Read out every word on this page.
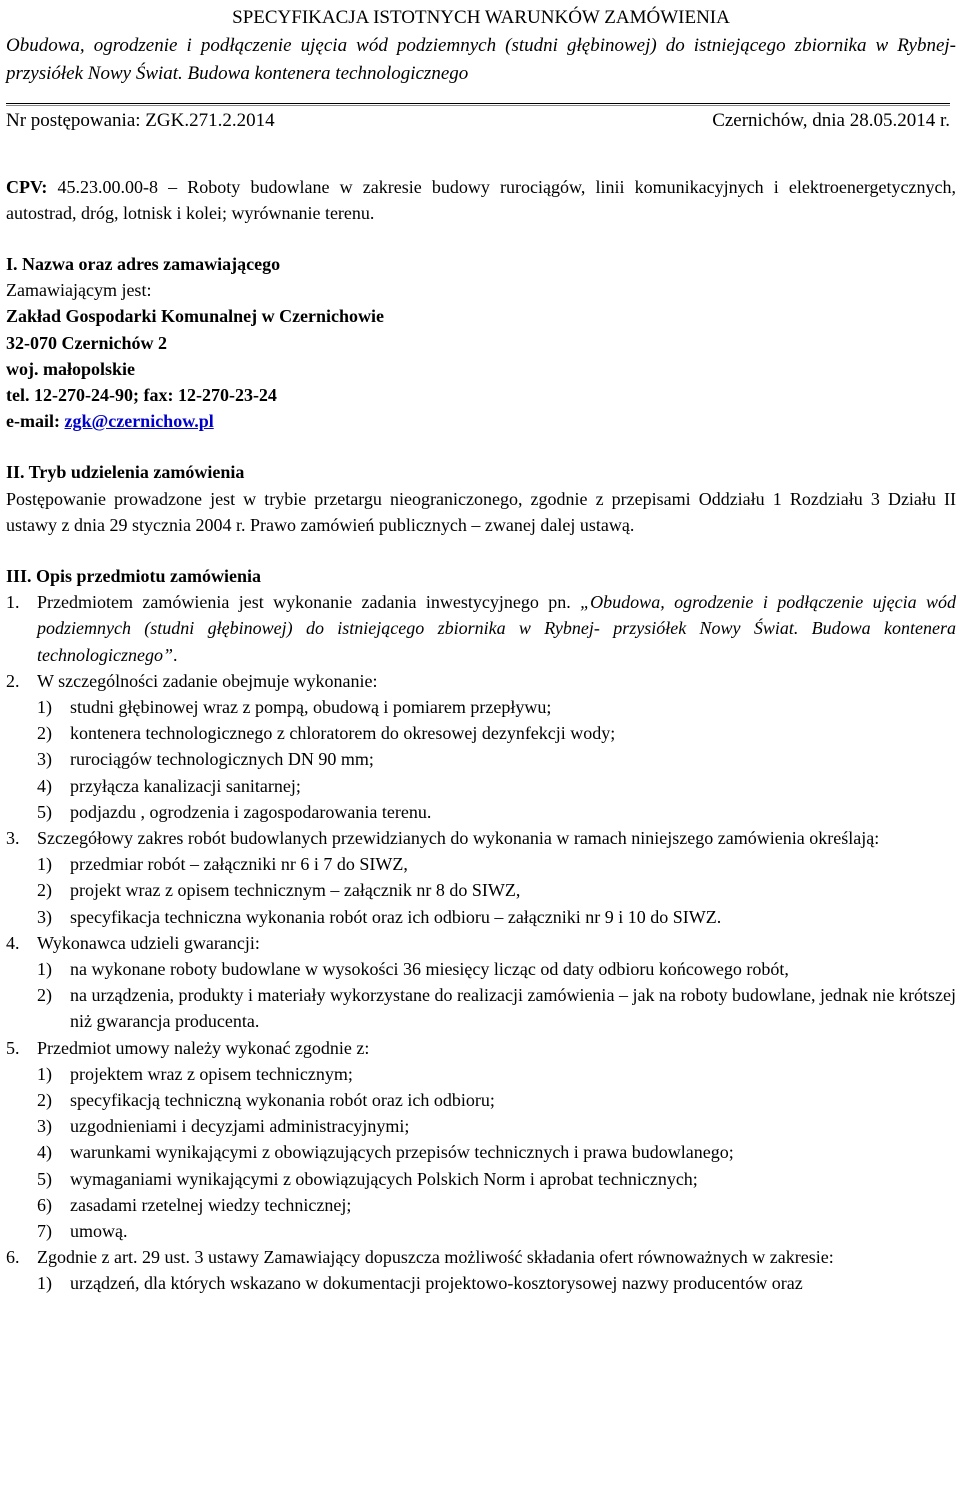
SPECYFIKACJA ISTOTNYCH WARUNKÓW ZAMÓWIENIA

Obudowa, ogrodzenie i podłączenie ujęcia wód podziemnych (studni głębinowej) do istniejącego zbiornika w Rybnej- przysiółek Nowy Świat. Budowa kontenera technologicznego

Nr postępowania: ZGK.271.2.2014	Czernichów, dnia 28.05.2014 r.

CPV: 45.23.00.00-8 – Roboty budowlane w zakresie budowy rurociągów, linii komunikacyjnych i elektroenergetycznych, autostrad, dróg, lotnisk i kolei; wyrównanie terenu.

I. Nazwa oraz adres zamawiającego

Zamawiającym jest:

Zakład Gospodarki Komunalnej w Czernichowie

32-070 Czernichów 2

woj. małopolskie

tel. 12-270-24-90; fax: 12-270-23-24

e-mail: zgk@czernichow.pl

II. Tryb udzielenia zamówienia

Postępowanie prowadzone jest w trybie przetargu nieograniczonego, zgodnie z przepisami Oddziału 1 Rozdziału 3 Działu II ustawy z dnia 29 stycznia 2004 r. Prawo zamówień publicznych – zwanej dalej ustawą.

III. Opis przedmiotu zamówienia

1. Przedmiotem zamówienia jest wykonanie zadania inwestycyjnego pn. „Obudowa, ogrodzenie i podłączenie ujęcia wód podziemnych (studni głębinowej) do istniejącego zbiornika w Rybnej- przysiółek Nowy Świat. Budowa kontenera technologicznego”.
2. W szczególności zadanie obejmuje wykonanie:
1)	studni głębinowej wraz z pompą, obudową i pomiarem przepływu;
2)	kontenera technologicznego z chloratorem do okresowej dezynfekcji wody;
3)	rurociągów technologicznych DN 90 mm;
4)	przyłącza kanalizacji sanitarnej;
5)	podjazdu , ogrodzenia i zagospodarowania terenu.
3. Szczegółowy zakres robót budowlanych przewidzianych do wykonania w ramach niniejszego zamówienia określają:
1)	przedmiar robót – załączniki nr 6 i 7 do SIWZ,
2)	projekt wraz z opisem technicznym – załącznik nr 8 do SIWZ,
3)	specyfikacja techniczna wykonania robót oraz ich odbioru – załączniki nr 9 i 10 do SIWZ.
4. Wykonawca udzieli gwarancji:
1)	na wykonane roboty budowlane w wysokości 36 miesięcy licząc od daty odbioru końcowego robót,
2)	na urządzenia, produkty i materiały wykorzystane do realizacji zamówienia – jak na roboty budowlane, jednak nie krótszej niż gwarancja producenta.
5. Przedmiot umowy należy wykonać zgodnie z:
1)	projektem wraz z opisem technicznym;
2)	specyfikacją techniczną wykonania robót oraz ich odbioru;
3)	uzgodnieniami i decyzjami administracyjnymi;
4)	warunkami wynikającymi z obowiązujących przepisów technicznych i prawa budowlanego;
5)	wymaganiami wynikającymi z obowiązujących Polskich Norm i aprobat technicznych;
6)	zasadami rzetelnej wiedzy technicznej;
7)	umową.
6. Zgodnie z art. 29 ust. 3 ustawy Zamawiający dopuszcza możliwość składania ofert równoważnych w zakresie:
1)	urządzeń, dla których wskazano w dokumentacji projektowo-kosztorysowej nazwy producentów oraz
